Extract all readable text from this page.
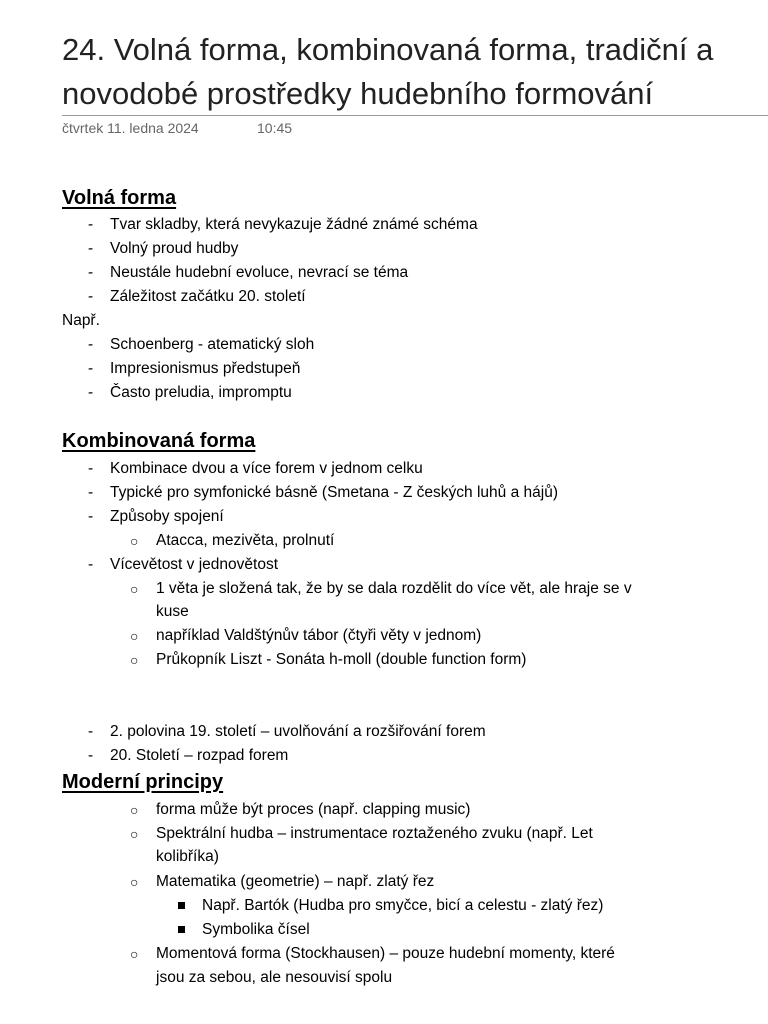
24. Volná forma, kombinovaná forma, tradiční a
novodobé prostředky hudebního formování
čtvrtek 11. ledna 2024	10:45
Volná forma
-	Tvar skladby, která nevykazuje žádné známé schéma
-	Volný proud hudby
-	Neustále hudební evoluce, nevrací se téma
-	Záležitost začátku 20. století
Např.
-	Schoenberg - atematický sloh
-	Impresionismus předstupeň
-	Často preludia, impromptu
Kombinovaná forma
-	Kombinace dvou a více forem v jednom celku
-	Typické pro symfonické básně (Smetana - Z českých luhů a hájů)
-	Způsoby spojení
○ Atacca, mezivěta, prolnutí
-	Vícevětost v jednovětost
○ 1 věta je složená tak, že by se dala rozdělit do více vět, ale hraje se v
kuse
○ například Valdštýnův tábor (čtyři věty v jednom)
○ Průkopník Liszt - Sonáta h-moll (double function form)
-	2. polovina 19. století – uvolňování a rozšiřování forem
-	20. Století – rozpad forem
Moderní principy
○ forma může být proces (např. clapping music)
○ Spektrální hudba – instrumentace roztaženého zvuku (např. Let
kolibříka)
○ Matematika (geometrie) – např. zlatý řez
Např. Bartók (Hudba pro smyčce, bicí a celestu - zlatý řez)
Symbolika čísel
○ Momentová forma (Stockhausen) – pouze hudební momenty, které
jsou za sebou, ale nesouvisí spolu
